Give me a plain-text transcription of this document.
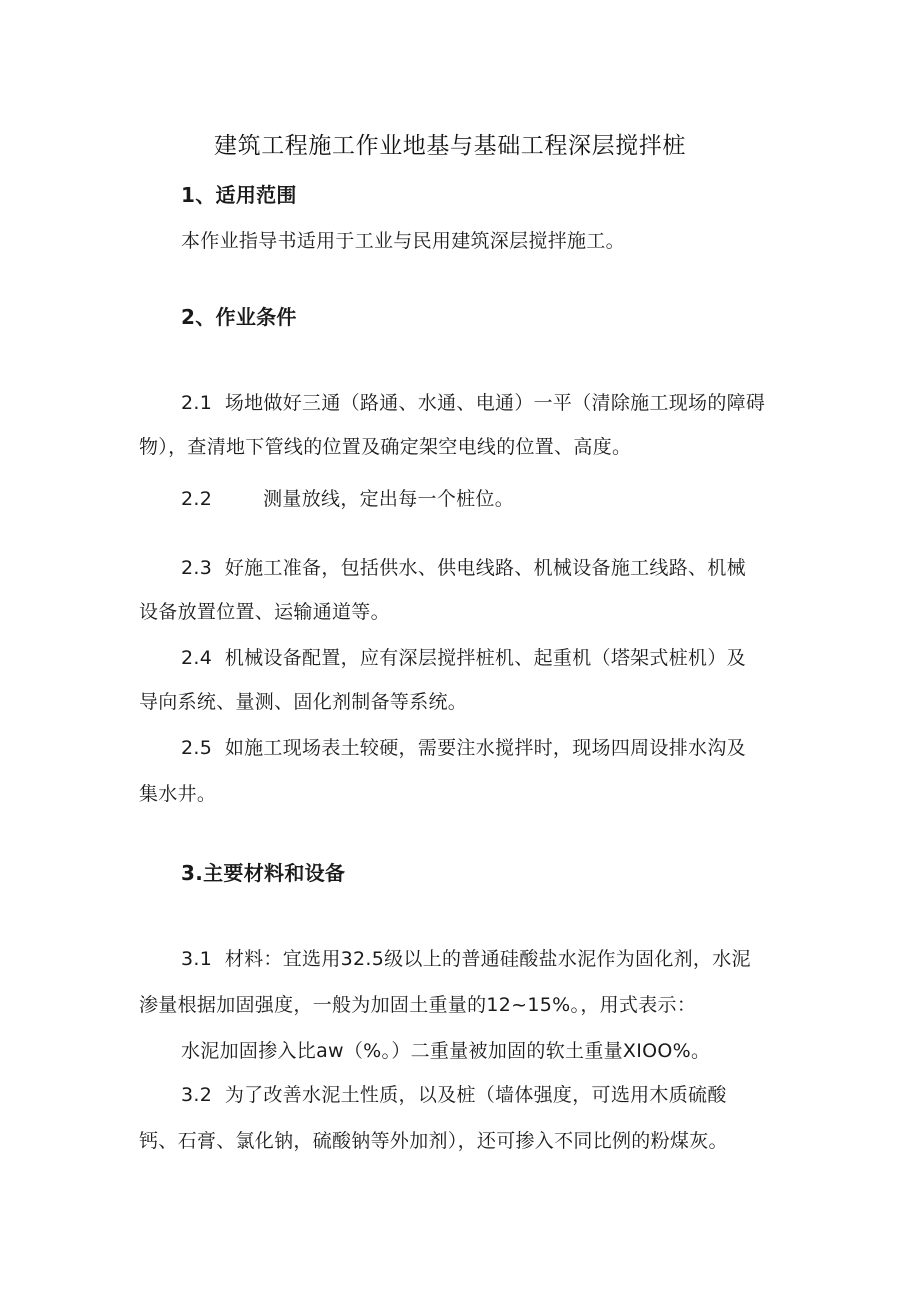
建筑工程施工作业地基与基础工程深层搅拌桩
1、适用范围
本作业指导书适用于工业与民用建筑深层搅拌施工。
2、作业条件
2.1 场地做好三通（路通、水通、电通）一平（清除施工现场的障碍
物），查清地下管线的位置及确定架空电线的位置、高度。
2.2	测量放线，定出每一个桩位。
2.3 好施工准备，包括供水、供电线路、机械设备施工线路、机械
设备放置位置、运输通道等。
2.4 机械设备配置，应有深层搅拌桩机、起重机（塔架式桩机）及
导向系统、量测、固化剂制备等系统。
2.5 如施工现场表土较硬，需要注水搅拌时，现场四周设排水沟及
集水井。
3.主要材料和设备
3.1 材料：宜选用32.5级以上的普通硅酸盐水泥作为固化剂，水泥
渗量根据加固强度，一般为加固土重量的12~15%。，用式表示：
水泥加固掺入比aw（%。）二重量被加固的软土重量XIOO%。
3.2 为了改善水泥土性质，以及桩（墙体强度，可选用木质硫酸
钙、石膏、氯化钠，硫酸钠等外加剂），还可掺入不同比例的粉煤灰。
